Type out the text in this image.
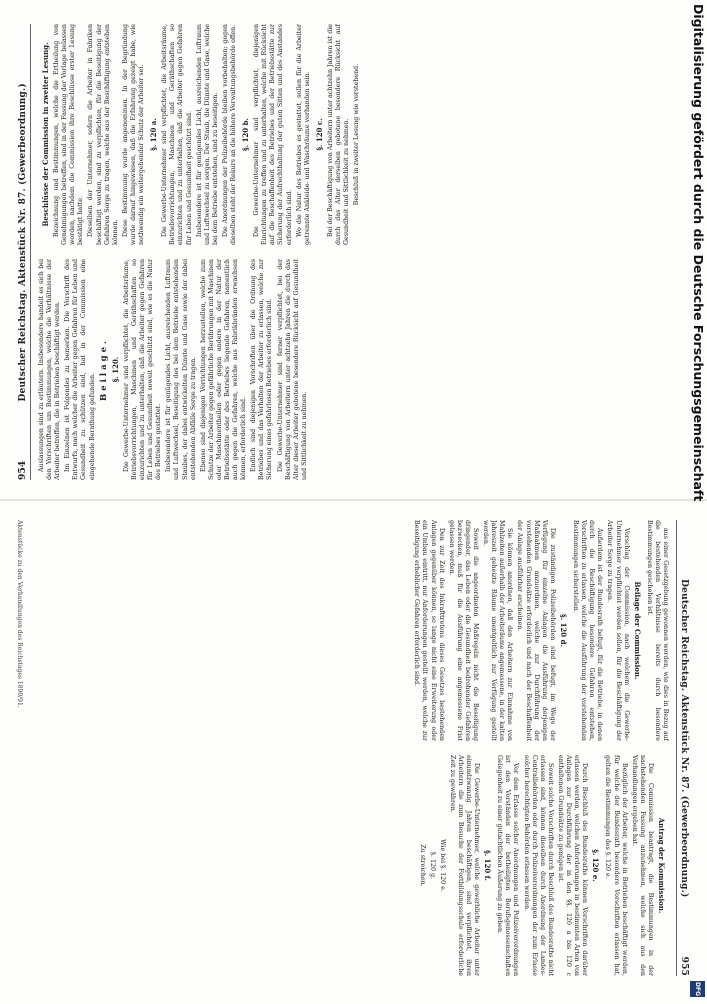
954
Deutscher Reichstag. Aktenstück Nr. 87. (Gewerbeordnung.) Auslassungen sind zu erläutern. Insbesondere handelt es sich bei den Vorschriften um Bestimmungen, welche die Verhältnisse der Arbeiter betreffen, die in Betrieben beschäftigt werden. Im Einzelnen ist Folgendes zu bemerken. Die Vorschrift des Entwurfs, nach welcher die Arbeiter gegen Gefahren für Leben und Gesundheit zu schützen sind, hat in der Commission eine eingehende Berathung gefunden.

Beilage. §. 120. Die Gewerbe-Unternehmer sind verpflichtet, die Arbeitsräume, Betriebsvorrichtungen, Maschinen und Geräthschaften so einzurichten und zu unterhalten, daß die Arbeiter gegen Gefahren für Leben und Gesundheit soweit geschützt sind, wie es die Natur des Betriebes gestattet. Insbesondere ist für genügendes Licht, ausreichenden Luftraum und Luftwechsel, Beseitigung des bei dem Betriebe entstehenden Staubes, der dabei entwickelten Dünste und Gase sowie der dabei entstehenden Abfälle Sorge zu tragen. Ebenso sind diejenigen Vorrichtungen herzustellen, welche zum Schutze der Arbeiter gegen gefährliche Berührungen mit Maschinen oder Maschinentheilen oder gegen andere in der Natur der Betriebsstätte oder des Betriebes liegende Gefahren, namentlich auch gegen die Gefahren, welche aus Fabrikbränden erwachsen können, erforderlich sind. Endlich sind diejenigen Vorschriften über die Ordnung des Betriebes und das Verhalten der Arbeiter zu erlassen, welche zur Sicherung eines gefahrlosen Betriebes erforderlich sind. Die Gewerbe-Unternehmer sind ferner verpflichtet, bei der Beschäftigung von Arbeitern unter achtzehn Jahren die durch das Alter dieser Arbeiter gebotene besondere Rücksicht auf Gesundheit und Sittlichkeit zu nehmen.

Beschlüsse der Commission in zweiter Lesung. Bezeichnung und Bestimmungen, welche die Ertheilung von Genehmigungen betreffen, sind in der Fassung der Vorlage belassen worden, nachdem die Commission ihre Beschlüsse erster Lesung bestätigt hatte. Dieselben der Unternehmer, sofern die Arbeiter in Fabriken beschäftigt werden, sind zu verpflichten, für die Beseitigung der Gefahren Sorge zu tragen, welche aus der Beschäftigung entstehen können. Diese Bestimmung wurde angenommen. In der Begründung wurde darauf hingewiesen, daß die Erfahrung gezeigt habe, wie nothwendig ein weitergehender Schutz der Arbeiter sei. §. 120 a. Die Gewerbe-Unternehmer sind verpflichtet, die Arbeitsräume, Betriebsvorrichtungen, Maschinen und Geräthschaften so einzurichten und zu unterhalten, daß die Arbeiter gegen Gefahren für Leben und Gesundheit geschützt sind. Insbesondere ist für genügendes Licht, ausreichenden Luftraum und Luftwechsel zu sorgen. Der Staub, die Dünste und Gase, welche bei dem Betriebe entstehen, sind zu beseitigen. Die Anordnungen der Polizeibehörde bleiben vorbehalten; gegen dieselben steht der Rekurs an die höhere Verwaltungsbehörde offen. §. 120 b. Die Gewerbe-Unternehmer sind verpflichtet, diejenigen Einrichtungen zu treffen und zu unterhalten, welche mit Rücksicht auf die Beschaffenheit des Betriebes und der Betriebsstätte zur Sicherung der Aufrechthaltung der guten Sitten und des Anstandes erforderlich sind. Wo die Natur des Betriebes es gestattet, sollen für die Arbeiter getrennte Ankleide- und Waschräume vorhanden sein. §. 120 c. Bei der Beschäftigung von Arbeitern unter achtzehn Jahren ist die durch das Alter derselben gebotene besondere Rücksicht auf Gesundheit und Sittlichkeit zu nehmen. Beschluß in zweiter Lesung wie vorstehend.

Deutscher Reichstag. Aktenstück Nr. 87. (Gewerbeordnung.)
955

aus einer Gesetzgebung gewonnen werden, wie dies in Bezug auf die bestehenden Verhältnisse bereits durch besondere Bestimmungen geschehen ist.

Beilage der Commission.

Vorschlag der Commission, nach welchem die Gewerbe-Unternehmer verpflichtet werden sollen, für die Beschäftigung der Arbeiter Sorge zu tragen.

Außerdem ist der Bundesrath befugt, für die Betriebe, in denen durch die Beschäftigung besondere Gefahren entstehen, Vorschriften zu erlassen, welche die Ausführung der vorstehenden Bestimmungen sicherstellen.

§. 120 d.

Die zuständigen Polizeibehörden sind befugt, im Wege der Verfügung für einzelne Anlagen die Ausführung derjenigen Maßnahmen anzuordnen, welche zur Durchführung der vorstehenden Grundsätze erforderlich und nach der Beschaffenheit der Anlage ausführbar erscheinen.

Sie können anordnen, daß den Arbeitern zur Einnahme von Mahlzeiten außerhalb der Arbeitsräume angemessene, in der kalten Jahreszeit geheizte Räume unentgeltlich zur Verfügung gestellt werden.

Soweit die angeordneten Maßregeln nicht die Beseitigung dringender, das Leben oder die Gesundheit bedrohender Gefahren bezwecken, muß für die Ausführung eine angemessene Frist gelassen werden.

Den zur Zeit des Inkrafttretens dieses Gesetzes bestehenden Anlagen gegenüber können, so lange nicht eine Erweiterung oder ein Umbau eintritt, nur Anforderungen gestellt werden, welche zur Beseitigung erheblicher Gefahren erforderlich sind.

Antrag der Kommission.

Die Commission beantragt, die Bestimmungen in der nachstehenden Fassung anzunehmen, welche sich aus den Verhandlungen ergeben hat.

Bezüglich der Arbeiter, welche in Betrieben beschäftigt werden, für welche der Bundesrath besondere Vorschriften erlassen hat, gelten die Bestimmungen des §. 120 e.

§. 120 e.

Durch Beschluß des Bundesraths können Vorschriften darüber erlassen werden, welchen Anforderungen in bestimmten Arten von Anlagen zur Durchführung der in den §§. 120 a bis 120 c enthaltenen Grundsätze zu genügen ist.

Soweit solche Vorschriften durch Beschluß des Bundesraths nicht erlassen sind, können dieselben durch Anordnung der Landes-Centralbehörden oder durch Polizeiverordnungen der zum Erlasse solcher berechtigten Behörden erlassen werden.

Vor dem Erlasse solcher Anordnungen und Polizeiverordnungen ist den Vorständen der betheiligten Berufsgenossenschaften Gelegenheit zu einer gutachtlichen Äußerung zu geben.

§. 120 f.

Die Gewerbe-Unternehmer, welche gewerbliche Arbeiter unter einundzwanzig Jahren beschäftigen, sind verpflichtet, ihren Arbeitern die zum Besuche der Fortbildungsschule erforderliche Zeit zu gewähren.

Wie bei §. 120 e.

§. 120 g.

Zu streichen.

Aktenstücke zu den Verhandlungen des Reichstages 1890/91.
Digitalisierung gefördert durch die Deutsche Forschungsgemeinschaft
DFG
